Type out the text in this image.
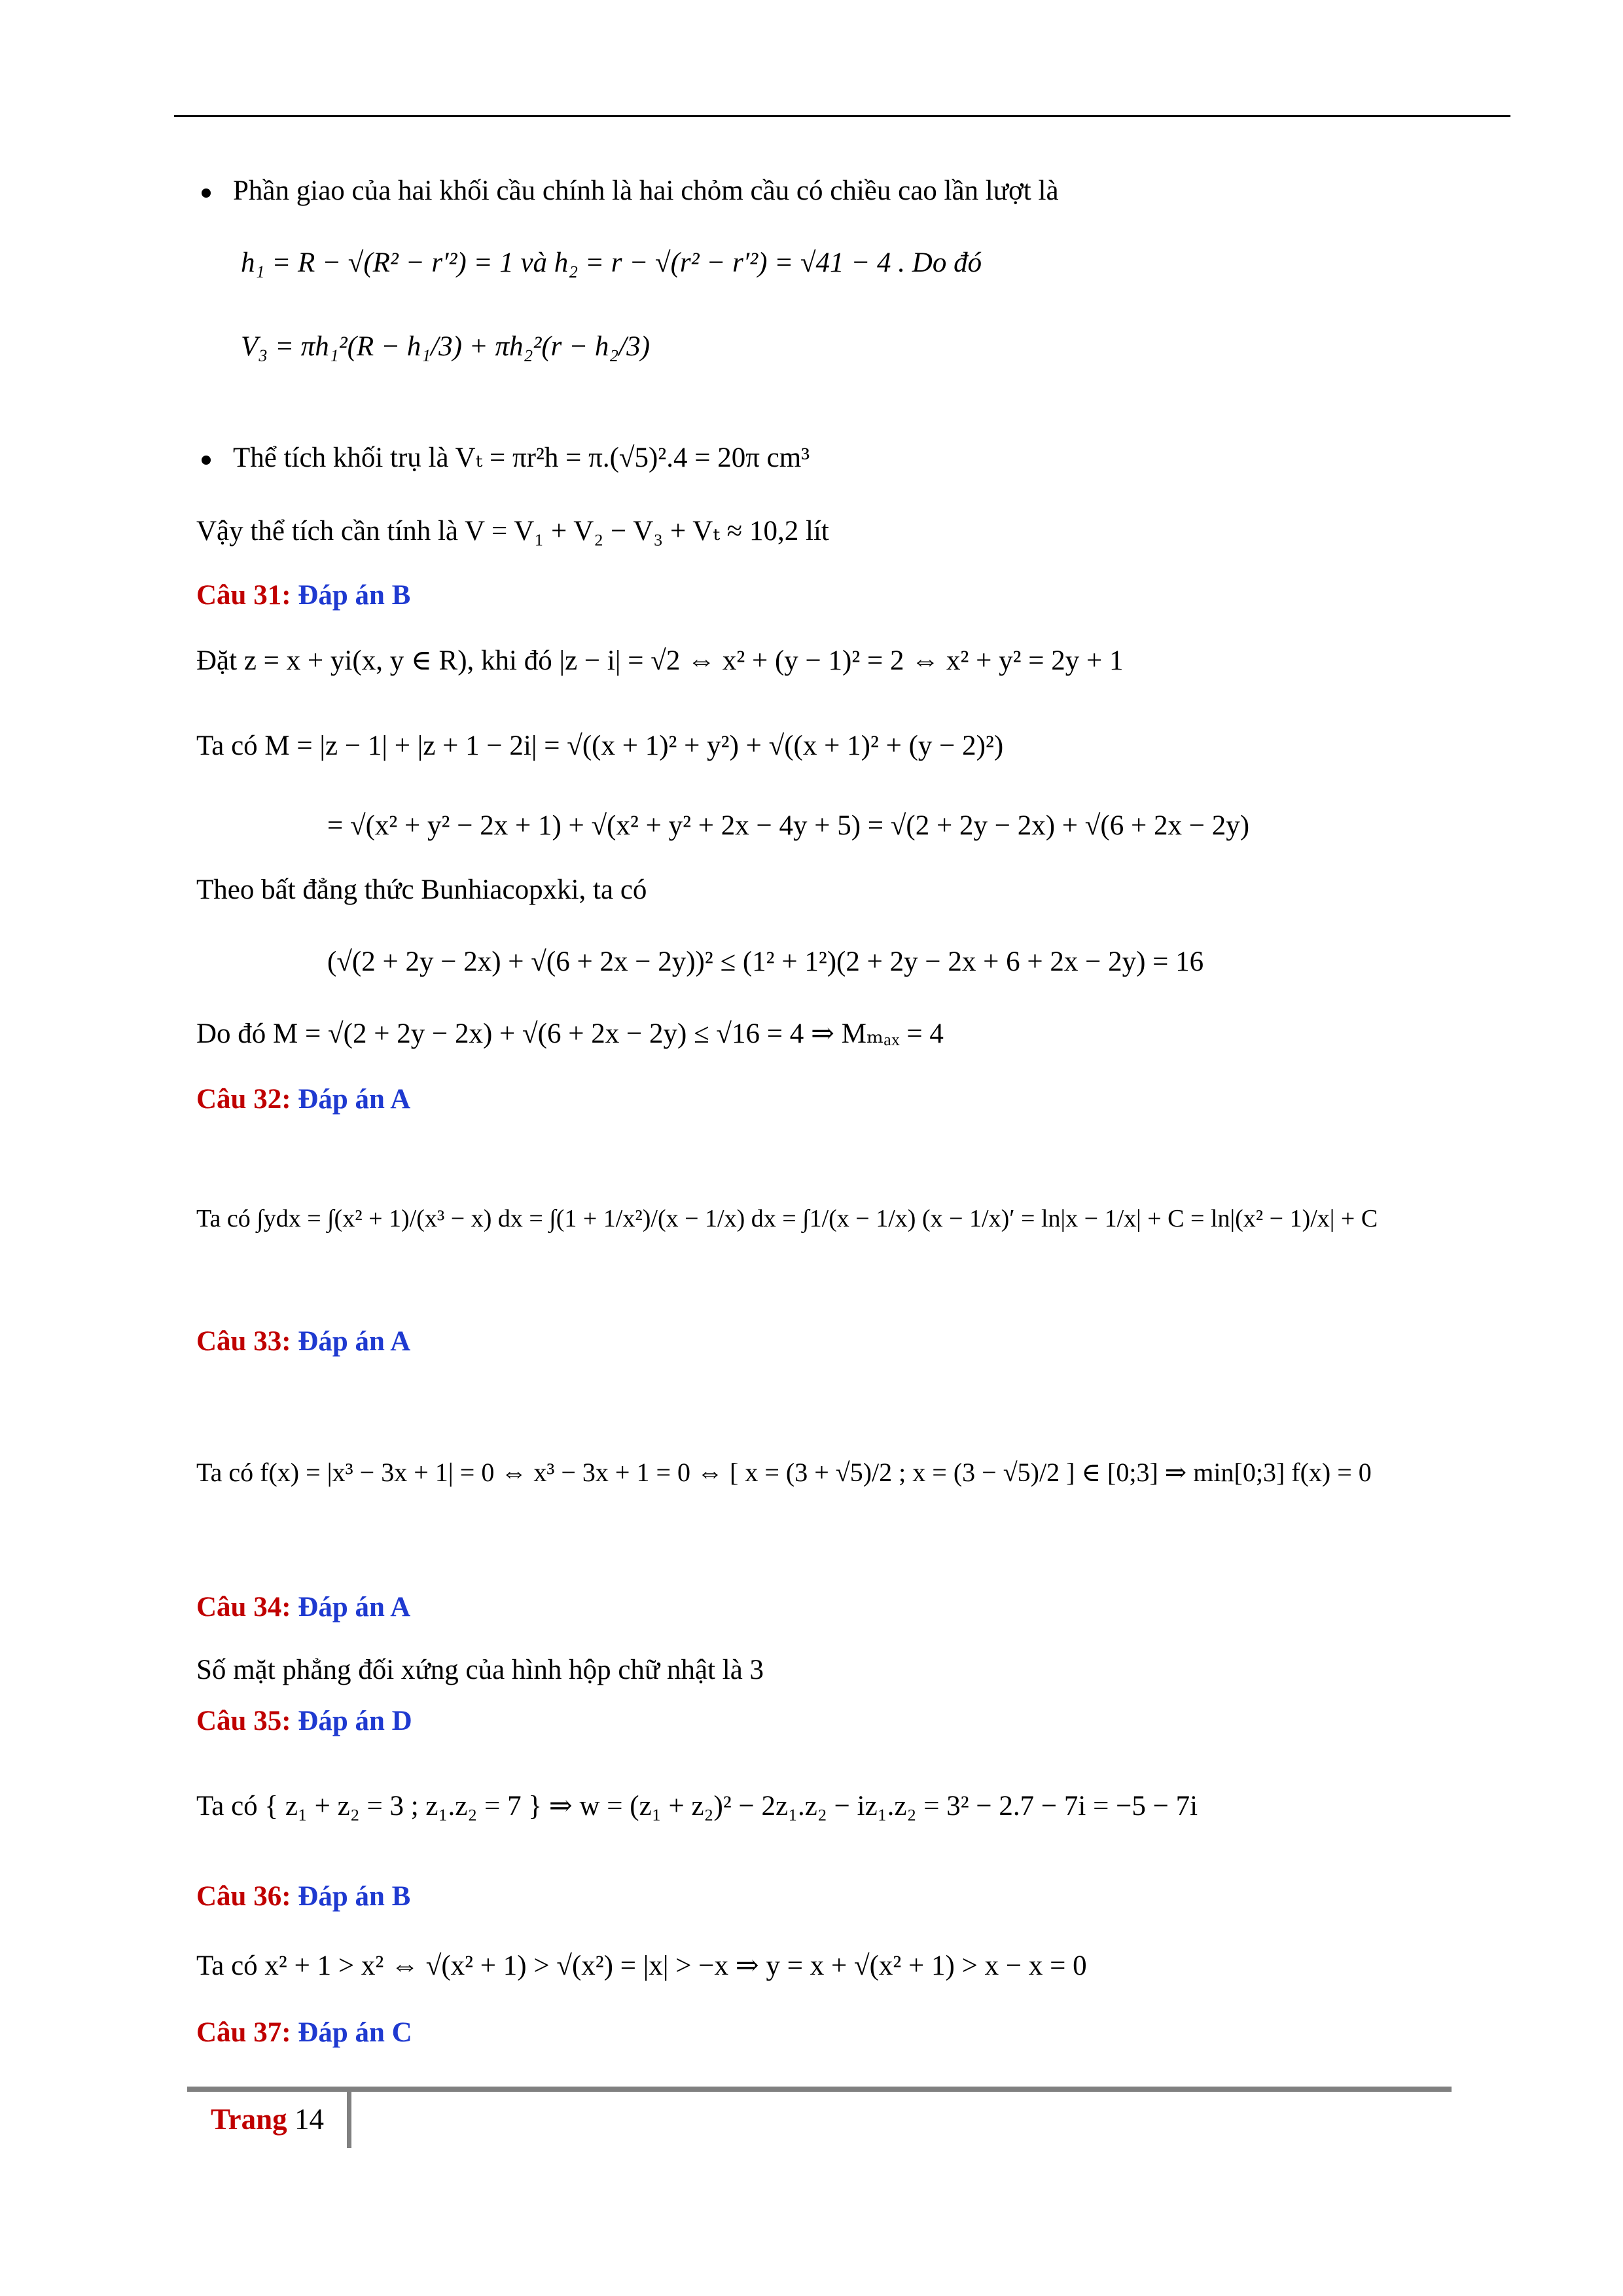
Phần giao của hai khối cầu chính là hai chỏm cầu có chiều cao lần lượt là
h₁ = R − √(R² − r′²) = 1 và h₂ = r − √(r² − r′²) = √41 − 4 . Do đó
V₃ = πh₁²(R − h₁/3) + πh₂²(r − h₂/3)
Thể tích khối trụ là Vₜ = πr²h = π.(√5)².4 = 20π cm³
Vậy thể tích cần tính là V = V₁ + V₂ − V₃ + Vₜ ≈ 10,2 lít
Câu 31: Đáp án B
Đặt z = x + yi(x, y ∈ R), khi đó |z − i| = √2 ⇔ x² + (y − 1)² = 2 ⇔ x² + y² = 2y + 1
Ta có M = |z − 1| + |z + 1 − 2i| = √((x + 1)² + y²) + √((x + 1)² + (y − 2)²)
= √(x² + y² − 2x + 1) + √(x² + y² + 2x − 4y + 5) = √(2 + 2y − 2x) + √(6 + 2x − 2y)
Theo bất đẳng thức Bunhiacopxki, ta có
(√(2 + 2y − 2x) + √(6 + 2x − 2y))² ≤ (1² + 1²)(2 + 2y − 2x + 6 + 2x − 2y) = 16
Do đó M = √(2 + 2y − 2x) + √(6 + 2x − 2y) ≤ √16 = 4 ⇒ Mₘₐₓ = 4
Câu 32: Đáp án A
Ta có ∫ydx = ∫(x² + 1)/(x³ − x) dx = ∫(1 + 1/x²)/(x − 1/x) dx = ∫1/(x − 1/x) (x − 1/x)′ = ln|x − 1/x| + C = ln|(x² − 1)/x| + C
Câu 33: Đáp án A
Ta có f(x) = |x³ − 3x + 1| = 0 ⇔ x³ − 3x + 1 = 0 ⇔ [ x = (3 + √5)/2 ; x = (3 − √5)/2 ] ∈ [0;3] ⇒ min[0;3] f(x) = 0
Câu 34: Đáp án A
Số mặt phẳng đối xứng của hình hộp chữ nhật là 3
Câu 35: Đáp án D
Ta có { z₁ + z₂ = 3 ; z₁.z₂ = 7 } ⇒ w = (z₁ + z₂)² − 2z₁.z₂ − iz₁.z₂ = 3² − 2.7 − 7i = −5 − 7i
Câu 36: Đáp án B
Ta có x² + 1 > x² ⇔ √(x² + 1) > √(x²) = |x| > −x ⇒ y = x + √(x² + 1) > x − x = 0
Câu 37: Đáp án C
Trang 14
